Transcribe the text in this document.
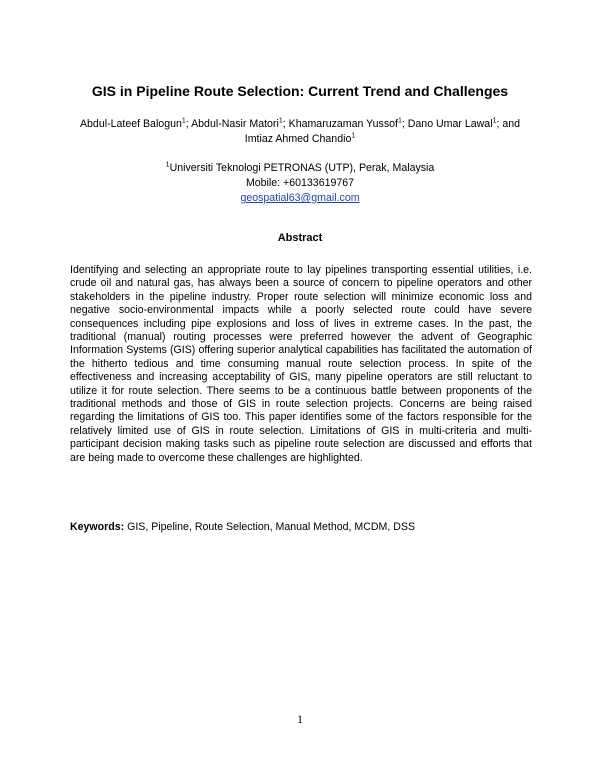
GIS in Pipeline Route Selection: Current Trend and Challenges
Abdul-Lateef Balogun$^1$; Abdul-Nasir Matori$^1$; Khamaruzaman Yussof$^1$; Dano Umar Lawal$^1$; and
Imtiaz Ahmed Chandio$^1$
$^1$Universiti Teknologi PETRONAS (UTP), Perak, Malaysia
Mobile: +60133619767
geospatial63@gmail.com
Abstract
Identifying and selecting an appropriate route to lay pipelines transporting essential utilities, i.e. crude oil and natural gas, has always been a source of concern to pipeline operators and other stakeholders in the pipeline industry. Proper route selection will minimize economic loss and negative socio-environmental impacts while a poorly selected route could have severe consequences including pipe explosions and loss of lives in extreme cases. In the past, the traditional (manual) routing processes were preferred however the advent of Geographic Information Systems (GIS) offering superior analytical capabilities has facilitated the automation of the hitherto tedious and time consuming manual route selection process. In spite of the effectiveness and increasing acceptability of GIS, many pipeline operators are still reluctant to utilize it for route selection. There seems to be a continuous battle between proponents of the traditional methods and those of GIS in route selection projects. Concerns are being raised regarding the limitations of GIS too. This paper identifies some of the factors responsible for the relatively limited use of GIS in route selection. Limitations of GIS in multi-criteria and multi-participant decision making tasks such as pipeline route selection are discussed and efforts that are being made to overcome these challenges are highlighted.
Keywords: GIS, Pipeline, Route Selection, Manual Method, MCDM, DSS
1
